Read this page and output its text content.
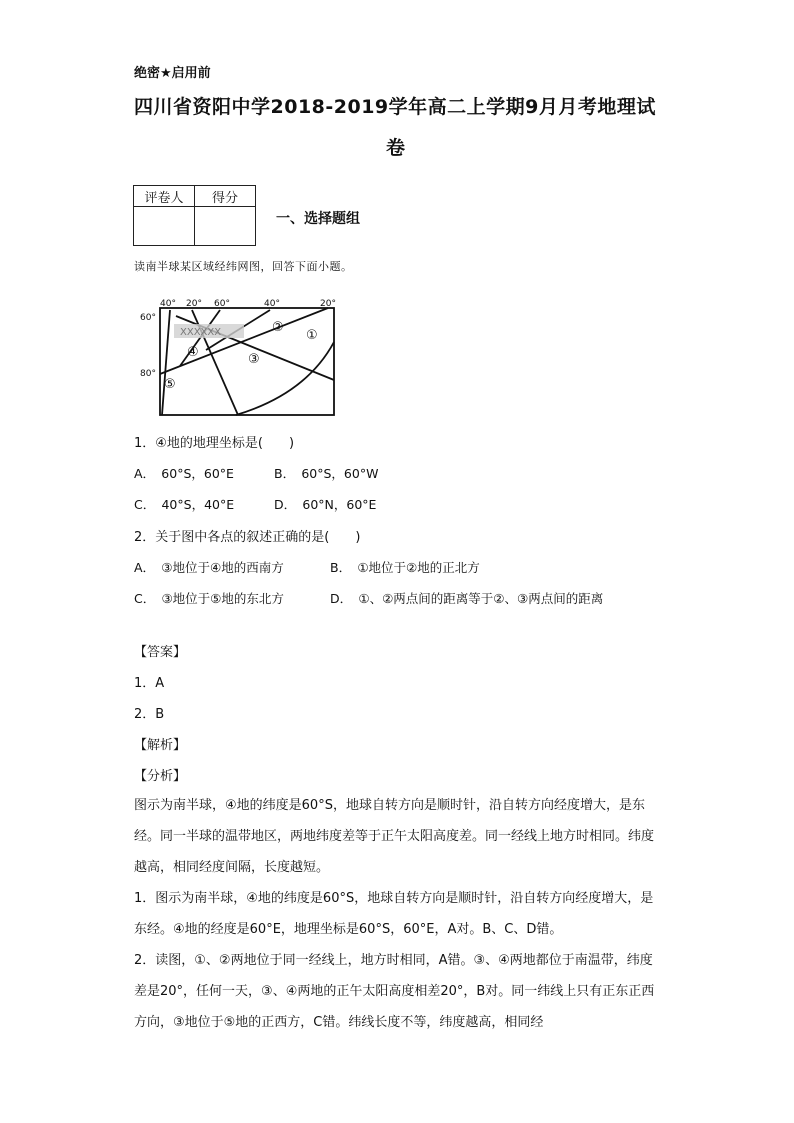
绝密★启用前
四川省资阳中学2018-2019学年高二上学期9月月考地理试
卷
评卷人	得分

一、选择题组
读南半球某区域经纬网图，回答下面小题。
40° 20° 60°	40°	20°
60°
80°
XXXXXX	①
②
③
④
⑤
1．④地的地理坐标是(　　)
A．　60°S，60°E	B．　60°S，60°W
C．　40°S，40°E	D．　60°N，60°E
2．关于图中各点的叙述正确的是(　　)
A．　③地位于④地的西南方	B．　①地位于②地的正北方
C．　③地位于⑤地的东北方	D．　①、②两点间的距离等于②、③两点间的距离
【答案】
1．A
2．B
【解析】
【分析】
图示为南半球，④地的纬度是60°S，地球自转方向是顺时针，沿自转方向经度增大，是东经。同一半球的温带地区，两地纬度差等于正午太阳高度差。同一经线上地方时相同。纬度越高，相同经度间隔，长度越短。
1．图示为南半球，④地的纬度是60°S，地球自转方向是顺时针，沿自转方向经度增大，是东经。④地的经度是60°E，地理坐标是60°S，60°E，A对。B、C、D错。
2．读图，①、②两地位于同一经线上，地方时相同，A错。③、④两地都位于南温带，纬度差是20°，任何一天，③、④两地的正午太阳高度相差20°，B对。同一纬线上只有正东正西方向，③地位于⑤地的正西方，C错。纬线长度不等，纬度越高，相同经
